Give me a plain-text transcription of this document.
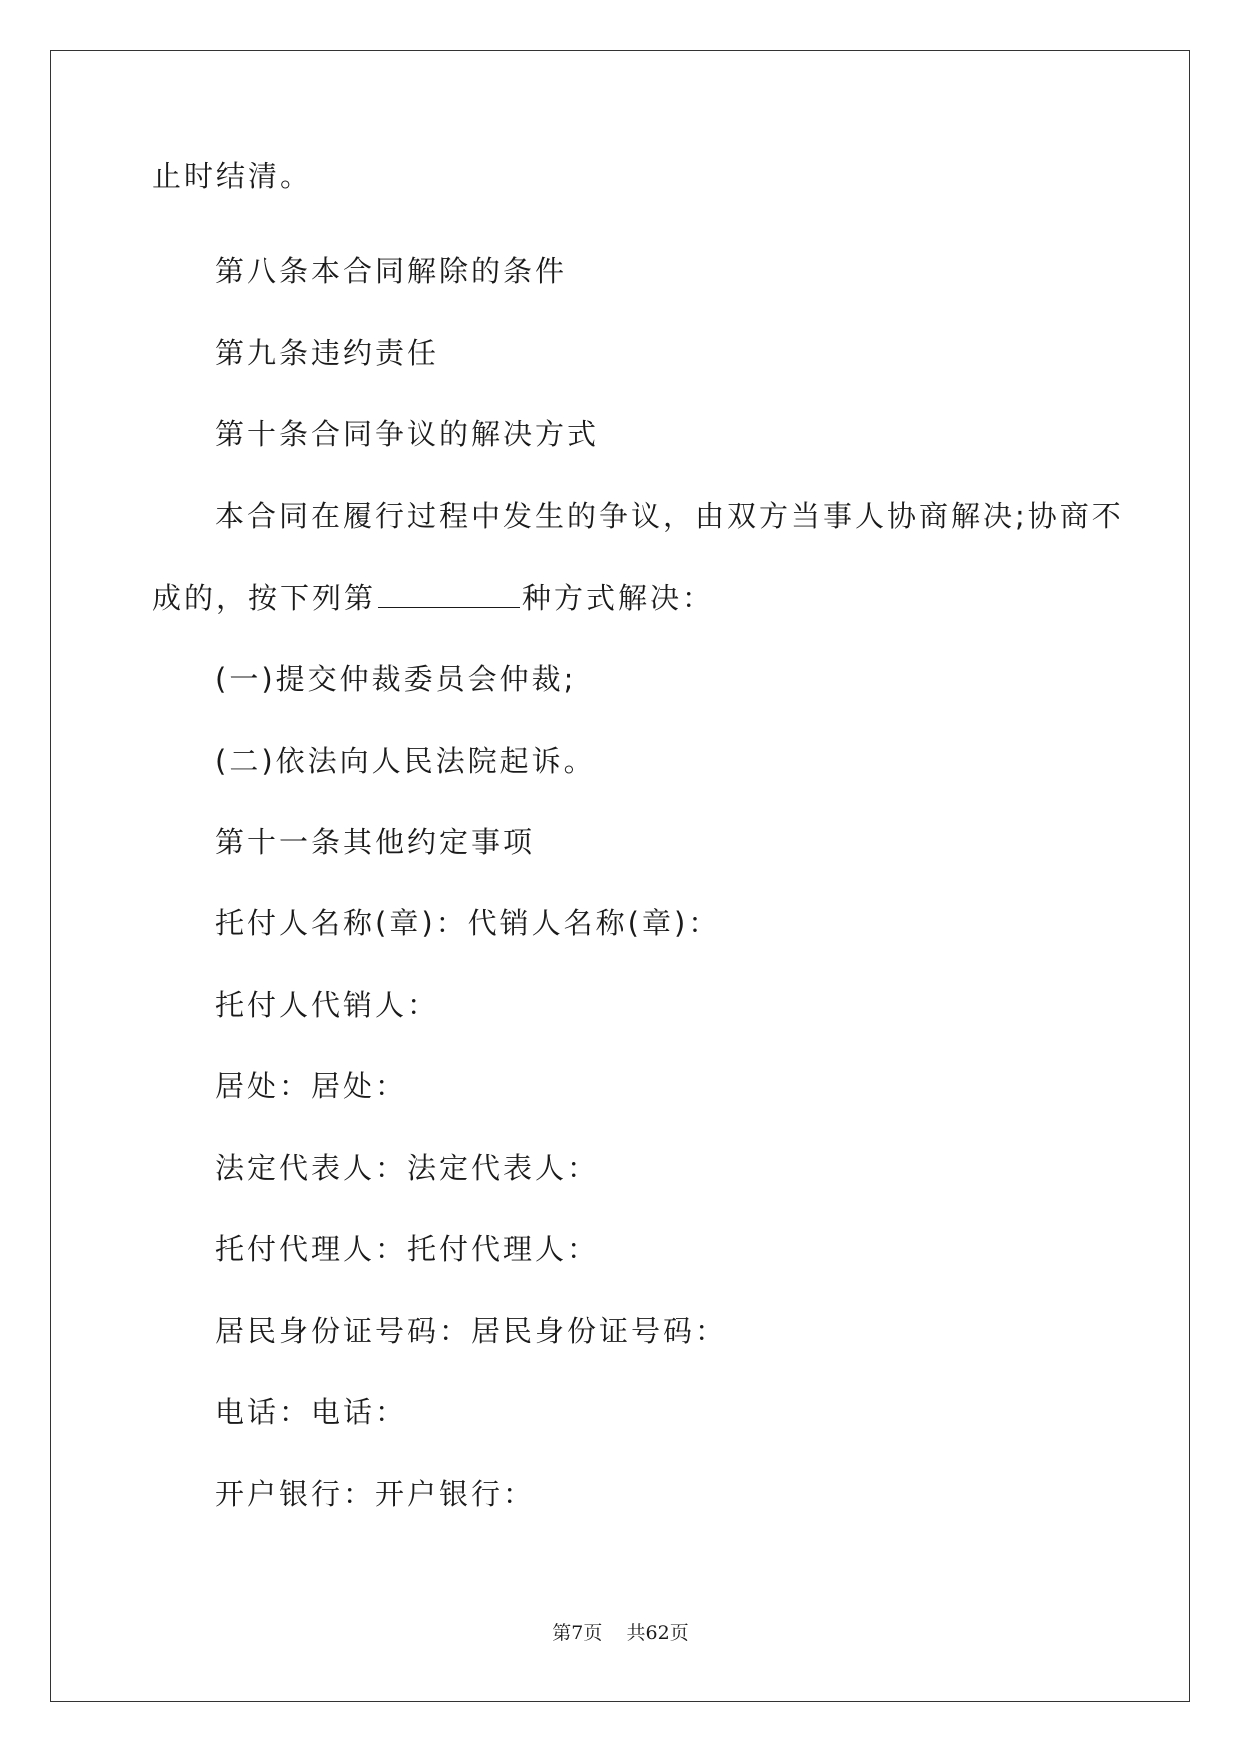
止时结清。
第八条本合同解除的条件
第九条违约责任
第十条合同争议的解决方式
本合同在履行过程中发生的争议，由双方当事人协商解决;协商不
成的，按下列第	种方式解决：
(一)提交仲裁委员会仲裁;
(二)依法向人民法院起诉。
第十一条其他约定事项
托付人名称(章)：代销人名称(章)：
托付人代销人：
居处：居处：
法定代表人：法定代表人：
托付代理人：托付代理人：
居民身份证号码：居民身份证号码：
电话：电话：
开户银行：开户银行：
第7页 共62页
